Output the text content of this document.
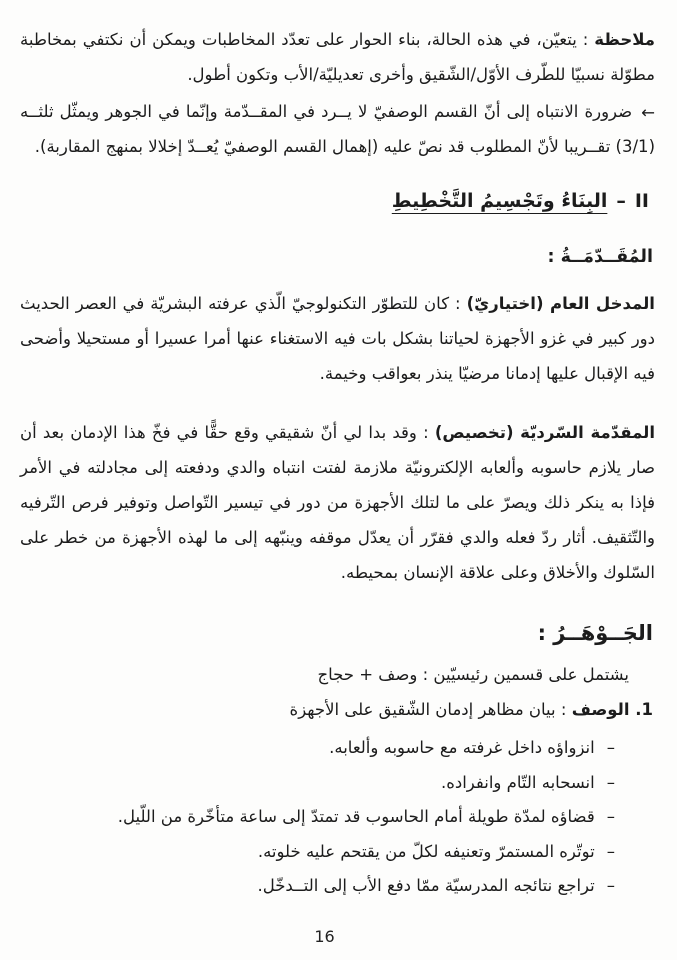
ملاحظة : يتعيّن، في هذه الحالة، بناء الحوار على تعدّد المخاطبات ويمكن أن نكتفي بمخاطبة مطوّلة نسبيّا للطّرف الأوّل/الشّقيق وأخرى تعديليّة/الأب وتكون أطول.

←ضرورة الانتباه إلى أنّ القسم الوصفيّ لا يــرد في المقــدّمة وإنّما في الجوهر ويمثّل ثلثــه (3/1) تقــريبا لأنّ المطلوب قد نصّ عليه (إهمال القسم الوصفيّ يُعــدّ إخلالا بمنهج المقاربة).

II
–
البِنَاءُ وتَجْسِيمُ التَّخْطِيطِ
المُقَــدّمَــةُ :

المدخل العام (اختياريّ) : كان للتطوّر التكنولوجيّ الّذي عرفته البشريّة في العصر الحديث دور كبير في غزو الأجهزة لحياتنا بشكل بات فيه الاستغناء عنها أمرا عسيرا أو مستحيلا وأضحى فيه الإقبال عليها إدمانا مرضيّا ينذر بعواقب وخيمة.

المقدّمة السّرديّة (تخصيص) : وقد بدا لي أنّ شقيقي وقع حقًّا في فخّ هذا الإدمان بعد أن صار يلازم حاسوبه وألعابه الإلكترونيّة ملازمة لفتت انتباه والدي ودفعته إلى مجادلته في الأمر فإذا به ينكر ذلك ويصرّ على ما لتلك الأجهزة من دور في تيسير التّواصل وتوفير فرص التّرفيه والتّثقيف. أثار ردّ فعله والدي فقرّر أن يعدّل موقفه وينبّهه إلى ما لهذه الأجهزة من خطر على السّلوك والأخلاق وعلى علاقة الإنسان بمحيطه.

الجَــوْهَــرُ :

يشتمل على قسمين رئيسيّين : وصف + حجاج

1. الوصف : بيان مظاهر إدمان الشّقيق على الأجهزة

–
انزواؤه داخل غرفته مع حاسوبه وألعابه.
–
انسحابه التّام وانفراده.
–
قضاؤه لمدّة طويلة أمام الحاسوب قد تمتدّ إلى ساعة متأخّرة من اللّيل.
–
توتّره المستمرّ وتعنيفه لكلّ من يقتحم عليه خلوته.
–
تراجع نتائجه المدرسيّة ممّا دفع الأب إلى التــدخّل.
16
